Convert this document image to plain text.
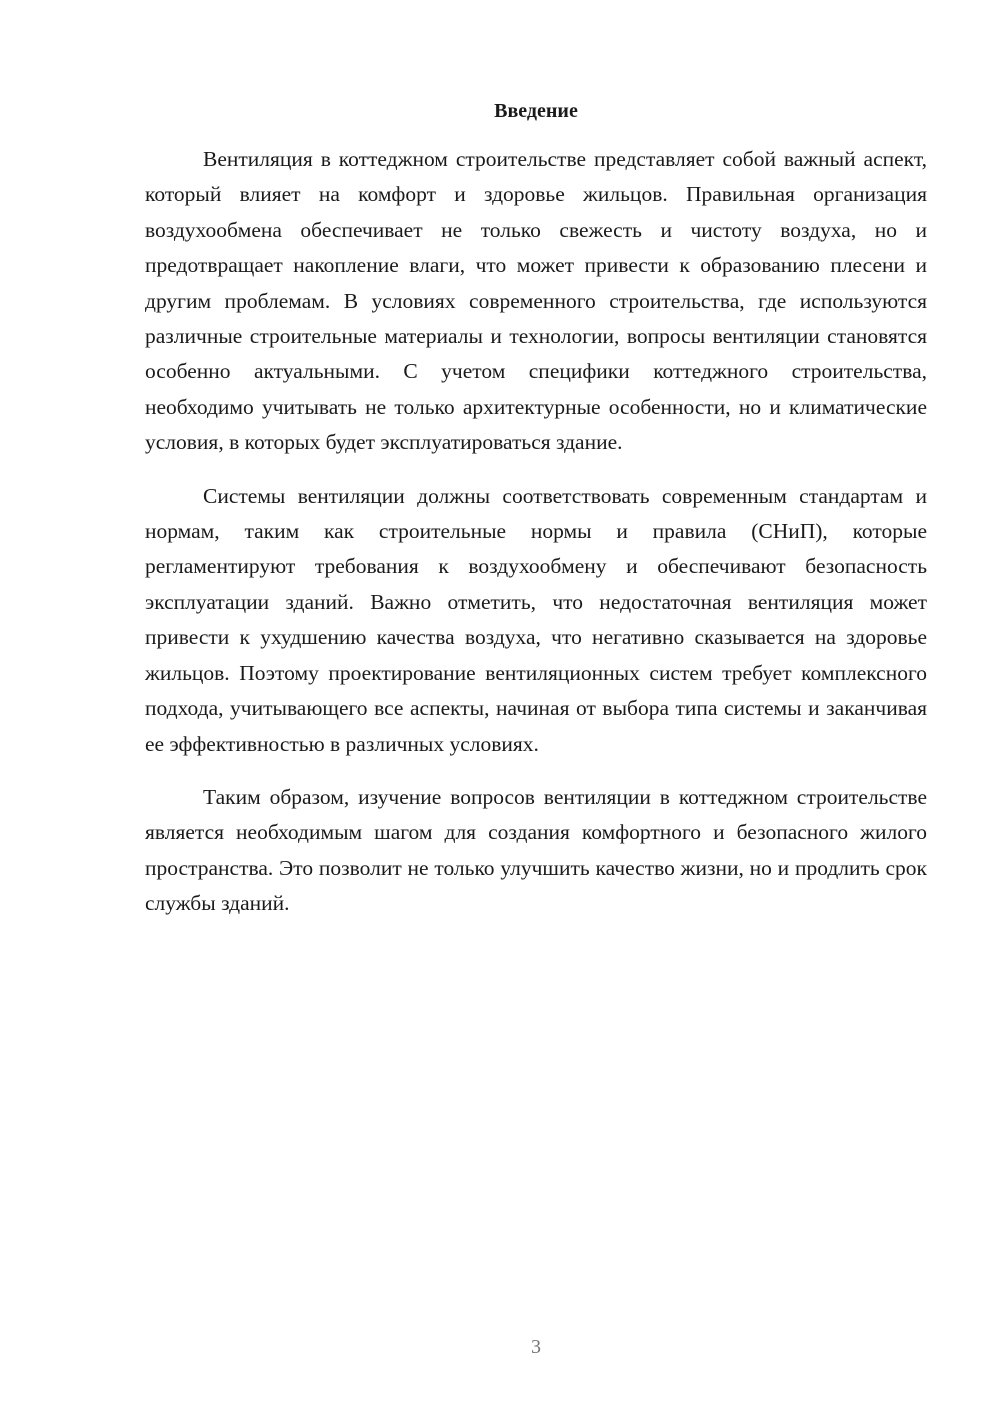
Введение

Вентиляция в коттеджном строительстве представляет собой важный аспект, который влияет на комфорт и здоровье жильцов. Правильная организация воздухообмена обеспечивает не только свежесть и чистоту воздуха, но и предотвращает накопление влаги, что может привести к образованию плесени и другим проблемам. В условиях современного строительства, где используются различные строительные материалы и технологии, вопросы вентиляции становятся особенно актуальными. С учетом специфики коттеджного строительства, необходимо учитывать не только архитектурные особенности, но и климатические условия, в которых будет эксплуатироваться здание.

Системы вентиляции должны соответствовать современным стандартам и нормам, таким как строительные нормы и правила (СНиП), которые регламентируют требования к воздухообмену и обеспечивают безопасность эксплуатации зданий. Важно отметить, что недостаточная вентиляция может привести к ухудшению качества воздуха, что негативно сказывается на здоровье жильцов. Поэтому проектирование вентиляционных систем требует комплексного подхода, учитывающего все аспекты, начиная от выбора типа системы и заканчивая ее эффективностью в различных условиях.

Таким образом, изучение вопросов вентиляции в коттеджном строительстве является необходимым шагом для создания комфортного и безопасного жилого пространства. Это позволит не только улучшить качество жизни, но и продлить срок службы зданий.

3
